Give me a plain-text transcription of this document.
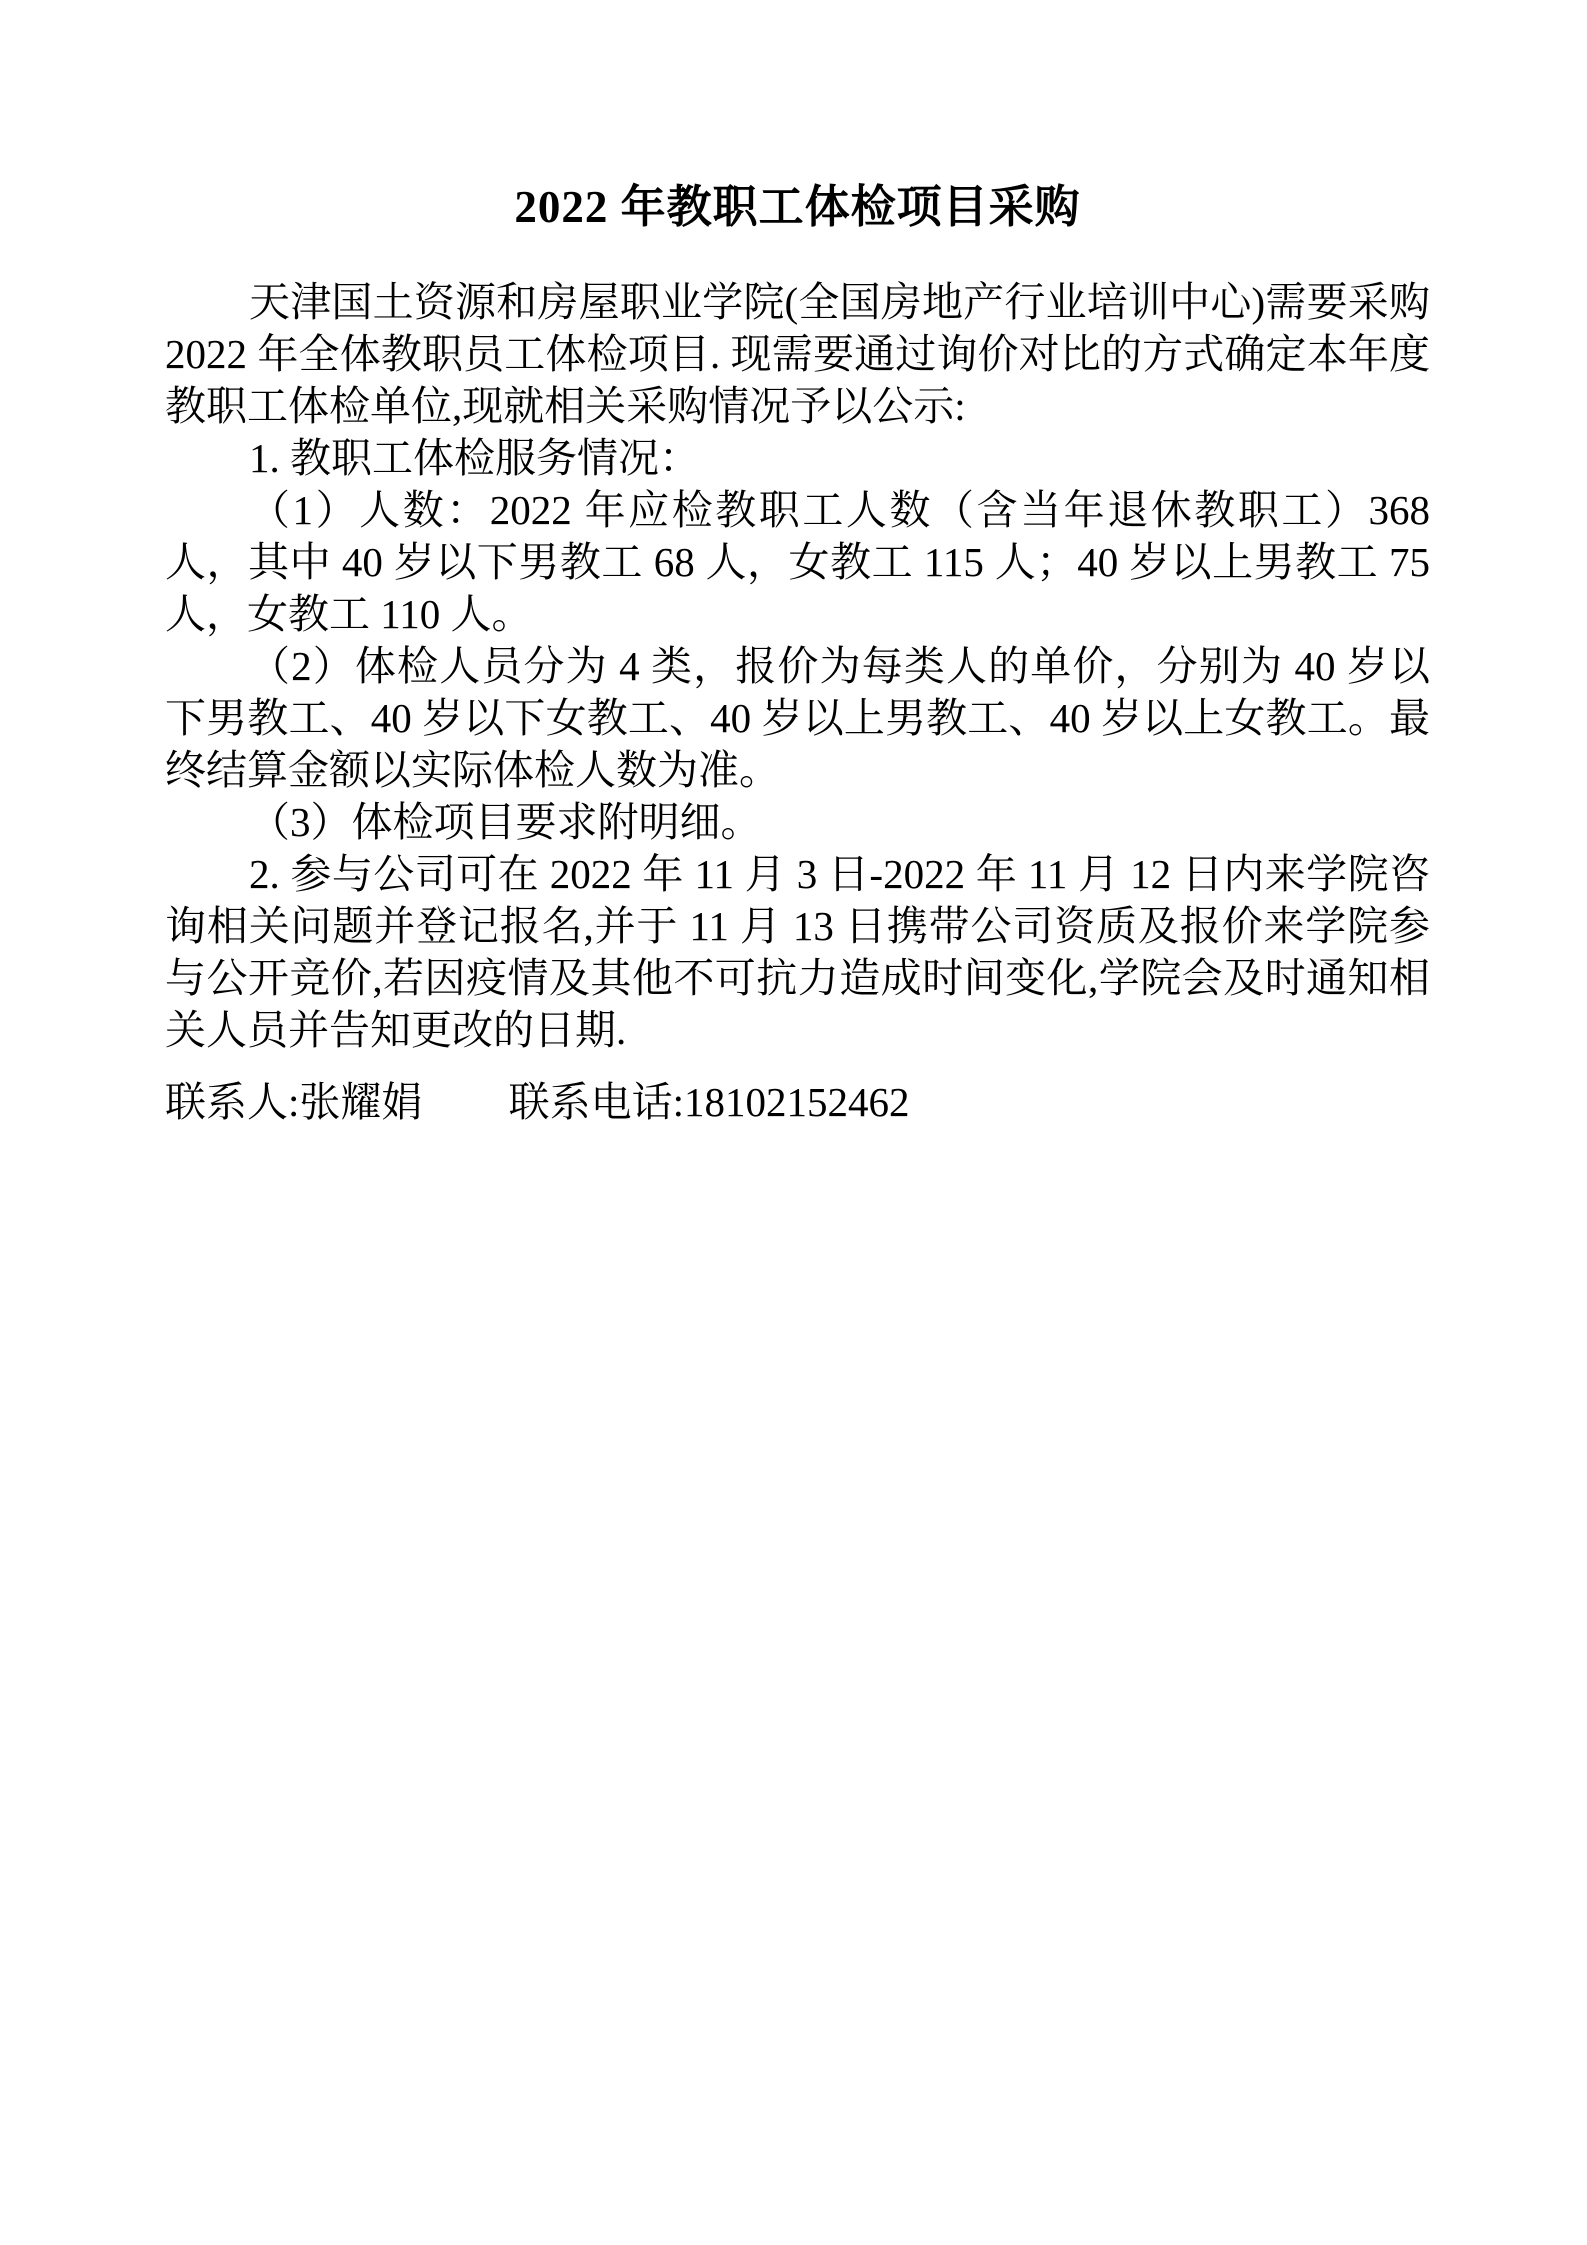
2022 年教职工体检项目采购

天津国土资源和房屋职业学院(全国房地产行业培训中心)需要采购 2022 年全体教职员工体检项目. 现需要通过询价对比的方式确定本年度教职工体检单位,现就相关采购情况予以公示:

1. 教职工体检服务情况：

（1）人数：2022 年应检教职工人数（含当年退休教职工）368 人，其中 40 岁以下男教工 68 人，女教工 115 人；40 岁以上男教工 75 人，女教工 110 人。

（2）体检人员分为 4 类，报价为每类人的单价，分别为 40 岁以下男教工、40 岁以下女教工、40 岁以上男教工、40 岁以上女教工。最终结算金额以实际体检人数为准。

（3）体检项目要求附明细。

2. 参与公司可在 2022 年 11 月 3 日-2022 年 11 月 12 日内来学院咨询相关问题并登记报名,并于 11 月 13 日携带公司资质及报价来学院参与公开竞价,若因疫情及其他不可抗力造成时间变化,学院会及时通知相关人员并告知更改的日期.

联系人:张耀娟 联系电话:18102152462
